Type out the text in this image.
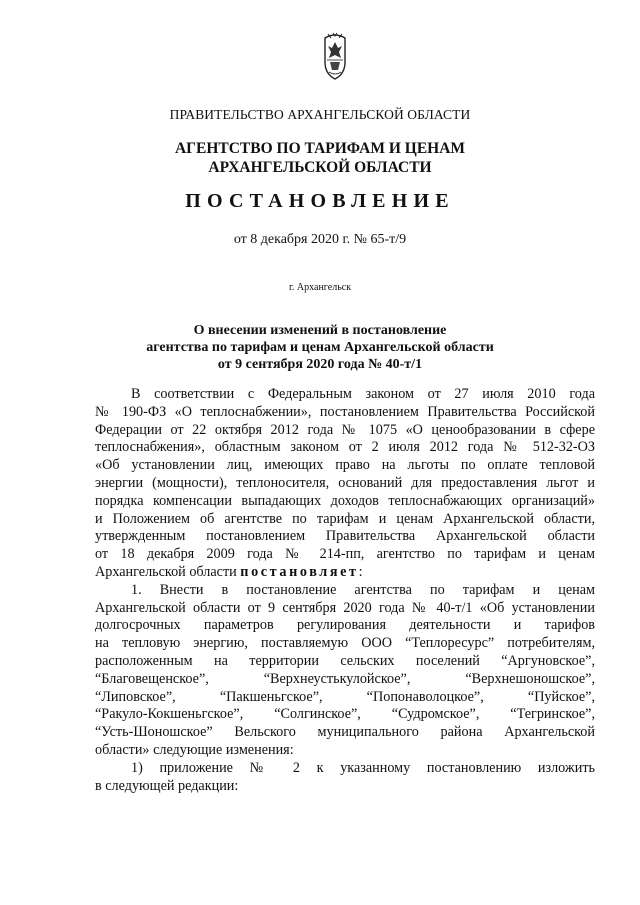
ПРАВИТЕЛЬСТВО АРХАНГЕЛЬСКОЙ ОБЛАСТИ
АГЕНТСТВО ПО ТАРИФАМ И ЦЕНАМ
АРХАНГЕЛЬСКОЙ ОБЛАСТИ
ПОСТАНОВЛЕНИЕ
от 8 декабря 2020 г. № 65-т/9
г. Архангельск
О внесении изменений в постановление
агентства по тарифам и ценам Архангельской области
от 9 сентября 2020 года № 40-т/1
В соответствии с Федеральным законом от 27 июля 2010 года
№ 190-ФЗ «О теплоснабжении», постановлением Правительства Российской
Федерации от 22 октября 2012 года № 1075 «О ценообразовании в сфере
теплоснабжения», областным законом от 2 июля 2012 года № 512-32-ОЗ
«Об установлении лиц, имеющих право на льготы по оплате тепловой
энергии (мощности), теплоносителя, оснований для предоставления льгот и
порядка компенсации выпадающих доходов теплоснабжающих организаций»
и Положением об агентстве по тарифам и ценам Архангельской области,
утвержденным постановлением Правительства Архангельской области
от 18 декабря 2009 года № 214-пп, агентство по тарифам и ценам
Архангельской области постановляет:
1. Внести в постановление агентства по тарифам и ценам
Архангельской области от 9 сентября 2020 года № 40-т/1 «Об установлении
долгосрочных параметров регулирования деятельности и тарифов
на тепловую энергию, поставляемую ООО “Теплоресурс” потребителям,
расположенным на территории сельских поселений “Аргуновское”,
“Благовещенское”, “Верхнеустькулойское”, “Верхнешоношское”,
“Липовское”, “Пакшеньгское”, “Попонаволоцкое”, “Пуйское”,
“Ракуло-Кокшеньгское”, “Солгинское”, “Судромское”, “Тегринское”,
“Усть-Шоношское” Вельского муниципального района Архангельской
области» следующие изменения:
1) приложение № 2 к указанному постановлению изложить
в следующей редакции:
